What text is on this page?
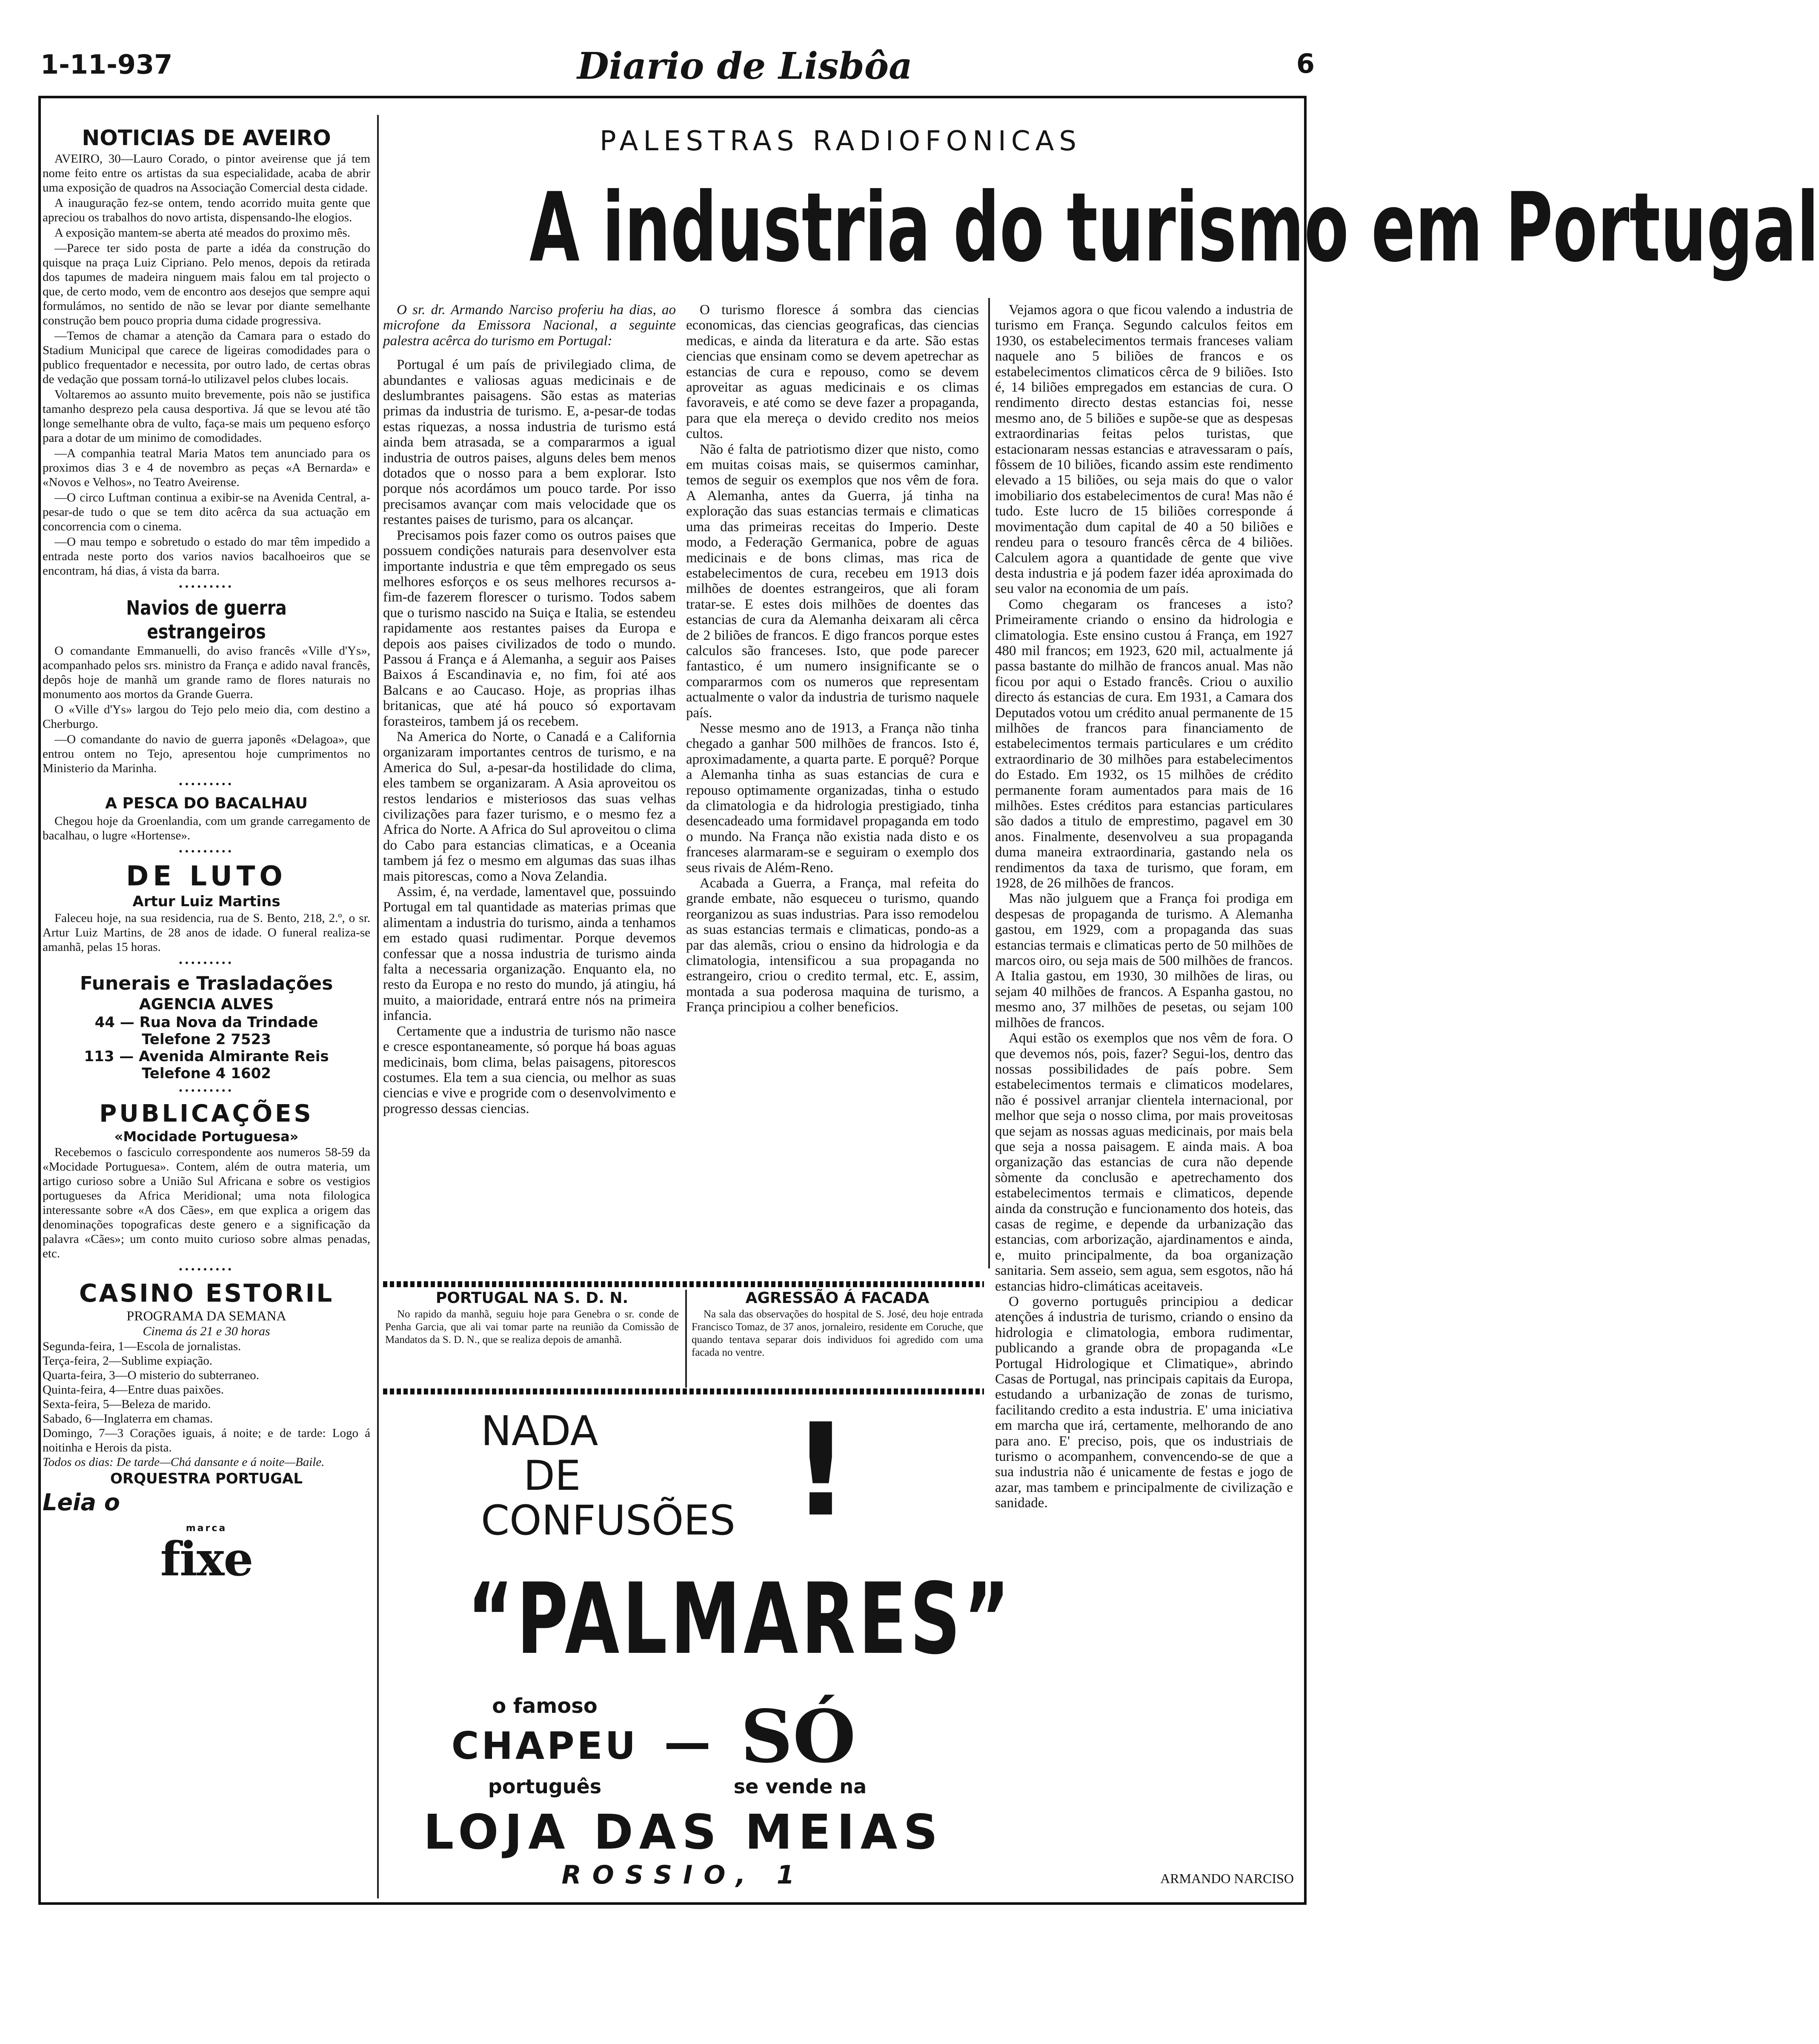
1-11-937	Diario de Lisbôa	6
NOTICIAS DE AVEIRO

AVEIRO, 30—Lauro Corado, o pintor aveirense que já tem nome feito entre os artistas da sua especialidade, acaba de abrir uma exposição de quadros na Associação Comercial desta cidade.

A inauguração fez-se ontem, tendo acorrido muita gente que apreciou os trabalhos do novo artista, dispensando-lhe elogios.

A exposição mantem-se aberta até meados do proximo mês.

—Parece ter sido posta de parte a idéa da construção do quisque na praça Luiz Cipriano. Pelo menos, depois da retirada dos tapumes de madeira ninguem mais falou em tal projecto o que, de certo modo, vem de encontro aos desejos que sempre aqui formulámos, no sentido de não se levar por diante semelhante construção bem pouco propria duma cidade progressiva.

—Temos de chamar a atenção da Camara para o estado do Stadium Municipal que carece de ligeiras comodidades para o publico frequentador e necessita, por outro lado, de certas obras de vedação que possam torná-lo utilizavel pelos clubes locais.

Voltaremos ao assunto muito brevemente, pois não se justifica tamanho desprezo pela causa desportiva. Já que se levou até tão longe semelhante obra de vulto, faça-se mais um pequeno esforço para a dotar de um minimo de comodidades.

—A companhia teatral Maria Matos tem anunciado para os proximos dias 3 e 4 de novembro as peças «A Bernarda» e «Novos e Velhos», no Teatro Aveirense.

—O circo Luftman continua a exibir-se na Avenida Central, a-pesar-de tudo o que se tem dito acêrca da sua actuação em concorrencia com o cinema.

—O mau tempo e sobretudo o estado do mar têm impedido a entrada neste porto dos varios navios bacalhoeiros que se encontram, há dias, á vista da barra.

•••••••••
Navios de guerra estrangeiros

O comandante Emmanuelli, do aviso francês «Ville d'Ys», acompanhado pelos srs. ministro da França e adido naval francês, depôs hoje de manhã um grande ramo de flores naturais no monumento aos mortos da Grande Guerra.

O «Ville d'Ys» largou do Tejo pelo meio dia, com destino a Cherburgo.

—O comandante do navio de guerra japonês «Delagoa», que entrou ontem no Tejo, apresentou hoje cumprimentos no Ministerio da Marinha.

•••••••••
A PESCA DO BACALHAU

Chegou hoje da Groenlandia, com um grande carregamento de bacalhau, o lugre «Hortense».

•••••••••
DE LUTO
Artur Luiz Martins

Faleceu hoje, na sua residencia, rua de S. Bento, 218, 2.º, o sr. Artur Luiz Martins, de 28 anos de idade. O funeral realiza-se amanhã, pelas 15 horas.

•••••••••
Funerais e Trasladações
AGENCIA ALVES
44 — Rua Nova da Trindade
Telefone 2 7523
113 — Avenida Almirante Reis
Telefone 4 1602
•••••••••
PUBLICAÇÕES
«Mocidade Portuguesa»

Recebemos o fasciculo correspondente aos numeros 58-59 da «Mocidade Portuguesa». Contem, além de outra materia, um artigo curioso sobre a União Sul Africana e sobre os vestigios portugueses da Africa Meridional; uma nota filologica interessante sobre «A dos Cães», em que explica a origem das denominações topograficas deste genero e a significação da palavra «Cães»; um conto muito curioso sobre almas penadas, etc.

•••••••••
CASINO ESTORIL
PROGRAMA DA SEMANA
Cinema ás 21 e 30 horas

Segunda-feira, 1—Escola de jornalistas.

Terça-feira, 2—Sublime expiação.

Quarta-feira, 3—O misterio do subterraneo.

Quinta-feira, 4—Entre duas paixões.

Sexta-feira, 5—Beleza de marido.

Sabado, 6—Inglaterra em chamas.

Domingo, 7—3 Corações iguais, á noite; e de tarde: Logo á noitinha e Herois da pista.

Todos os dias: De tarde—Chá dansante e á noite—Baile.

ORQUESTRA PORTUGAL
Leia o
marca
fixe
PALESTRAS RADIOFONICAS
A industria do turismo em Portugal

O sr. dr. Armando Narciso proferiu ha dias, ao microfone da Emissora Nacional, a seguinte palestra acêrca do turismo em Portugal:

Portugal é um país de privilegiado clima, de abundantes e valiosas aguas medicinais e de deslumbrantes paisagens. São estas as materias primas da industria de turismo. E, a-pesar-de todas estas riquezas, a nossa industria de turismo está ainda bem atrasada, se a compararmos a igual industria de outros paises, alguns deles bem menos dotados que o nosso para a bem explorar. Isto porque nós acordámos um pouco tarde. Por isso precisamos avançar com mais velocidade que os restantes paises de turismo, para os alcançar.

Precisamos pois fazer como os outros paises que possuem condições naturais para desenvolver esta importante industria e que têm empregado os seus melhores esforços e os seus melhores recursos a-fim-de fazerem florescer o turismo. Todos sabem que o turismo nascido na Suiça e Italia, se estendeu rapidamente aos restantes paises da Europa e depois aos paises civilizados de todo o mundo. Passou á França e á Alemanha, a seguir aos Paises Baixos á Escandinavia e, no fim, foi até aos Balcans e ao Caucaso. Hoje, as proprias ilhas britanicas, que até há pouco só exportavam forasteiros, tambem já os recebem.

Na America do Norte, o Canadá e a California organizaram importantes centros de turismo, e na America do Sul, a-pesar-da hostilidade do clima, eles tambem se organizaram. A Asia aproveitou os restos lendarios e misteriosos das suas velhas civilizações para fazer turismo, e o mesmo fez a Africa do Norte. A Africa do Sul aproveitou o clima do Cabo para estancias climaticas, e a Oceania tambem já fez o mesmo em algumas das suas ilhas mais pitorescas, como a Nova Zelandia.

Assim, é, na verdade, lamentavel que, possuindo Portugal em tal quantidade as materias primas que alimentam a industria do turismo, ainda a tenhamos em estado quasi rudimentar. Porque devemos confessar que a nossa industria de turismo ainda falta a necessaria organização. Enquanto ela, no resto da Europa e no resto do mundo, já atingiu, há muito, a maioridade, entrará entre nós na primeira infancia.

Certamente que a industria de turismo não nasce e cresce espontaneamente, só porque há boas aguas medicinais, bom clima, belas paisagens, pitorescos costumes. Ela tem a sua ciencia, ou melhor as suas ciencias e vive e progride com o desenvolvimento e progresso dessas ciencias.

O turismo floresce á sombra das ciencias economicas, das ciencias geograficas, das ciencias medicas, e ainda da literatura e da arte. São estas ciencias que ensinam como se devem apetrechar as estancias de cura e repouso, como se devem aproveitar as aguas medicinais e os climas favoraveis, e até como se deve fazer a propaganda, para que ela mereça o devido credito nos meios cultos.

Não é falta de patriotismo dizer que nisto, como em muitas coisas mais, se quisermos caminhar, temos de seguir os exemplos que nos vêm de fora. A Alemanha, antes da Guerra, já tinha na exploração das suas estancias termais e climaticas uma das primeiras receitas do Imperio. Deste modo, a Federação Germanica, pobre de aguas medicinais e de bons climas, mas rica de estabelecimentos de cura, recebeu em 1913 dois milhões de doentes estrangeiros, que ali foram tratar-se. E estes dois milhões de doentes das estancias de cura da Alemanha deixaram ali cêrca de 2 biliões de francos. E digo francos porque estes calculos são franceses. Isto, que pode parecer fantastico, é um numero insignificante se o compararmos com os numeros que representam actualmente o valor da industria de turismo naquele país.

Nesse mesmo ano de 1913, a França não tinha chegado a ganhar 500 milhões de francos. Isto é, aproximadamente, a quarta parte. E porquê? Porque a Alemanha tinha as suas estancias de cura e repouso optimamente organizadas, tinha o estudo da climatologia e da hidrologia prestigiado, tinha desencadeado uma formidavel propaganda em todo o mundo. Na França não existia nada disto e os franceses alarmaram-se e seguiram o exemplo dos seus rivais de Além-Reno.

Acabada a Guerra, a França, mal refeita do grande embate, não esqueceu o turismo, quando reorganizou as suas industrias. Para isso remodelou as suas estancias termais e climaticas, pondo-as a par das alemãs, criou o ensino da hidrologia e da climatologia, intensificou a sua propaganda no estrangeiro, criou o credito termal, etc. E, assim, montada a sua poderosa maquina de turismo, a França principiou a colher beneficios.

Vejamos agora o que ficou valendo a industria de turismo em França. Segundo calculos feitos em 1930, os estabelecimentos termais franceses valiam naquele ano 5 biliões de francos e os estabelecimentos climaticos cêrca de 9 biliões. Isto é, 14 biliões empregados em estancias de cura. O rendimento directo destas estancias foi, nesse mesmo ano, de 5 biliões e supõe-se que as despesas extraordinarias feitas pelos turistas, que estacionaram nessas estancias e atravessaram o país, fôssem de 10 biliões, ficando assim este rendimento elevado a 15 biliões, ou seja mais do que o valor imobiliario dos estabelecimentos de cura! Mas não é tudo. Este lucro de 15 biliões corresponde á movimentação dum capital de 40 a 50 biliões e rendeu para o tesouro francês cêrca de 4 biliões. Calculem agora a quantidade de gente que vive desta industria e já podem fazer idéa aproximada do seu valor na economia de um país.

Como chegaram os franceses a isto? Primeiramente criando o ensino da hidrologia e climatologia. Este ensino custou á França, em 1927 480 mil francos; em 1923, 620 mil, actualmente já passa bastante do milhão de francos anual. Mas não ficou por aqui o Estado francês. Criou o auxilio directo ás estancias de cura. Em 1931, a Camara dos Deputados votou um crédito anual permanente de 15 milhões de francos para financiamento de estabelecimentos termais particulares e um crédito extraordinario de 30 milhões para estabelecimentos do Estado. Em 1932, os 15 milhões de crédito permanente foram aumentados para mais de 16 milhões. Estes créditos para estancias particulares são dados a titulo de emprestimo, pagavel em 30 anos. Finalmente, desenvolveu a sua propaganda duma maneira extraordinaria, gastando nela os rendimentos da taxa de turismo, que foram, em 1928, de 26 milhões de francos.

Mas não julguem que a França foi prodiga em despesas de propaganda de turismo. A Alemanha gastou, em 1929, com a propaganda das suas estancias termais e climaticas perto de 50 milhões de marcos oiro, ou seja mais de 500 milhões de francos. A Italia gastou, em 1930, 30 milhões de liras, ou sejam 40 milhões de francos. A Espanha gastou, no mesmo ano, 37 milhões de pesetas, ou sejam 100 milhões de francos.

Aqui estão os exemplos que nos vêm de fora. O que devemos nós, pois, fazer? Segui-los, dentro das nossas possibilidades de país pobre. Sem estabelecimentos termais e climaticos modelares, não é possivel arranjar clientela internacional, por melhor que seja o nosso clima, por mais proveitosas que sejam as nossas aguas medicinais, por mais bela que seja a nossa paisagem. E ainda mais. A boa organização das estancias de cura não depende sòmente da conclusão e apetrechamento dos estabelecimentos termais e climaticos, depende ainda da construção e funcionamento dos hoteis, das casas de regime, e depende da urbanização das estancias, com arborização, ajardinamentos e ainda, e, muito principalmente, da boa organização sanitaria. Sem asseio, sem agua, sem esgotos, não há estancias hidro-climáticas aceitaveis.

O governo português principiou a dedicar atenções á industria de turismo, criando o ensino da hidrologia e climatologia, embora rudimentar, publicando a grande obra de propaganda «Le Portugal Hidrologique et Climatique», abrindo Casas de Portugal, nas principais capitais da Europa, estudando a urbanização de zonas de turismo, facilitando credito a esta industria. E' uma iniciativa em marcha que irá, certamente, melhorando de ano para ano. E' preciso, pois, que os industriais de turismo o acompanhem, convencendo-se de que a sua industria não é unicamente de festas e jogo de azar, mas tambem e principalmente de civilização e sanidade.

ARMANDO NARCISO
PORTUGAL NA S. D. N.

No rapido da manhã, seguiu hoje para Genebra o sr. conde de Penha Garcia, que ali vai tomar parte na reunião da Comissão de Mandatos da S. D. N., que se realiza depois de amanhã.

AGRESSÃO Á FACADA

Na sala das observações do hospital de S. José, deu hoje entrada Francisco Tomaz, de 37 anos, jornaleiro, residente em Coruche, que quando tentava separar dois individuos foi agredido com uma facada no ventre.

NADA
DE
CONFUSÕES !
“PALMARES”
o famoso
CHAPEU — SÓ
português	se vende na
LOJA DAS MEIAS
ROSSIO, 1
